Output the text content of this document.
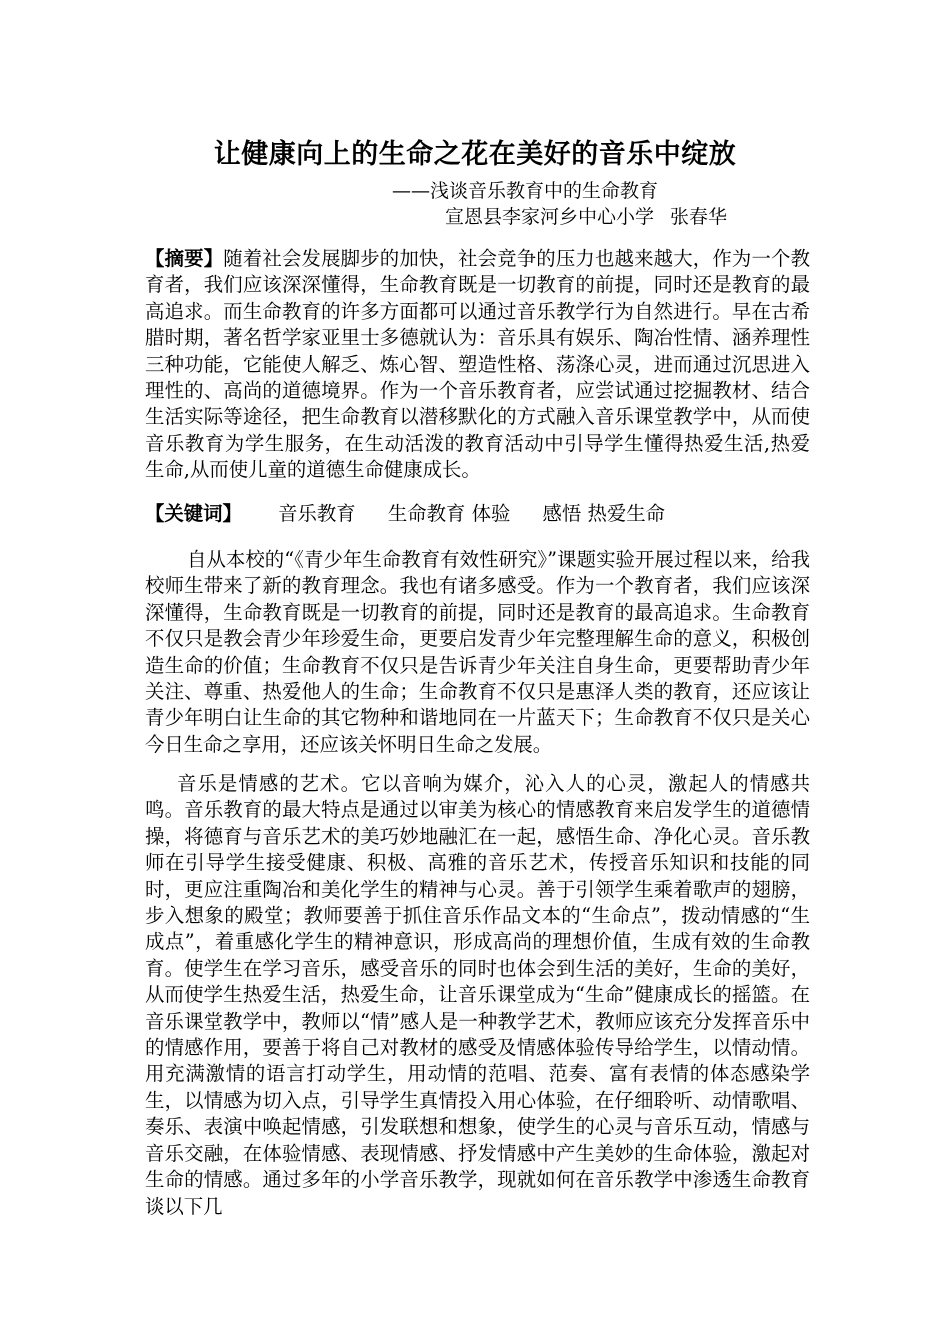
让健康向上的生命之花在美好的音乐中绽放
——浅谈音乐教育中的生命教育
宣恩县李家河乡中心小学 张春华
【摘要】随着社会发展脚步的加快，社会竞争的压力也越来越大，作为一个教育者，我们应该深深懂得，生命教育既是一切教育的前提，同时还是教育的最高追求。而生命教育的许多方面都可以通过音乐教学行为自然进行。早在古希腊时期，著名哲学家亚里士多德就认为：音乐具有娱乐、陶冶性情、涵养理性三种功能，它能使人解乏、炼心智、塑造性格、荡涤心灵，进而通过沉思进入理性的、高尚的道德境界。作为一个音乐教育者，应尝试通过挖掘教材、结合生活实际等途径，把生命教育以潜移默化的方式融入音乐课堂教学中，从而使音乐教育为学生服务，在生动活泼的教育活动中引导学生懂得热爱生活,热爱生命,从而使儿童的道德生命健康成长。
【关键词】 音乐教育 生命教育 体验 感悟 热爱生命
自从本校的“《青少年生命教育有效性研究》”课题实验开展过程以来，给我校师生带来了新的教育理念。我也有诸多感受。作为一个教育者，我们应该深深懂得，生命教育既是一切教育的前提，同时还是教育的最高追求。生命教育不仅只是教会青少年珍爱生命，更要启发青少年完整理解生命的意义，积极创造生命的价值；生命教育不仅只是告诉青少年关注自身生命，更要帮助青少年关注、尊重、热爱他人的生命；生命教育不仅只是惠泽人类的教育，还应该让青少年明白让生命的其它物种和谐地同在一片蓝天下；生命教育不仅只是关心今日生命之享用，还应该关怀明日生命之发展。
音乐是情感的艺术。它以音响为媒介，沁入人的心灵，激起人的情感共鸣。音乐教育的最大特点是通过以审美为核心的情感教育来启发学生的道德情操，将德育与音乐艺术的美巧妙地融汇在一起，感悟生命、净化心灵。音乐教师在引导学生接受健康、积极、高雅的音乐艺术，传授音乐知识和技能的同时，更应注重陶冶和美化学生的精神与心灵。善于引领学生乘着歌声的翅膀，步入想象的殿堂；教师要善于抓住音乐作品文本的“生命点”，拨动情感的“生成点”，着重感化学生的精神意识，形成高尚的理想价值，生成有效的生命教育。使学生在学习音乐，感受音乐的同时也体会到生活的美好，生命的美好，从而使学生热爱生活，热爱生命，让音乐课堂成为“生命”健康成长的摇篮。在音乐课堂教学中，教师以“情”感人是一种教学艺术，教师应该充分发挥音乐中的情感作用，要善于将自己对教材的感受及情感体验传导给学生，以情动情。用充满激情的语言打动学生，用动情的范唱、范奏、富有表情的体态感染学生，以情感为切入点，引导学生真情投入用心体验，在仔细聆听、动情歌唱、奏乐、表演中唤起情感，引发联想和想象，使学生的心灵与音乐互动，情感与音乐交融，在体验情感、表现情感、抒发情感中产生美妙的生命体验，激起对生命的情感。通过多年的小学音乐教学，现就如何在音乐教学中渗透生命教育谈以下几
